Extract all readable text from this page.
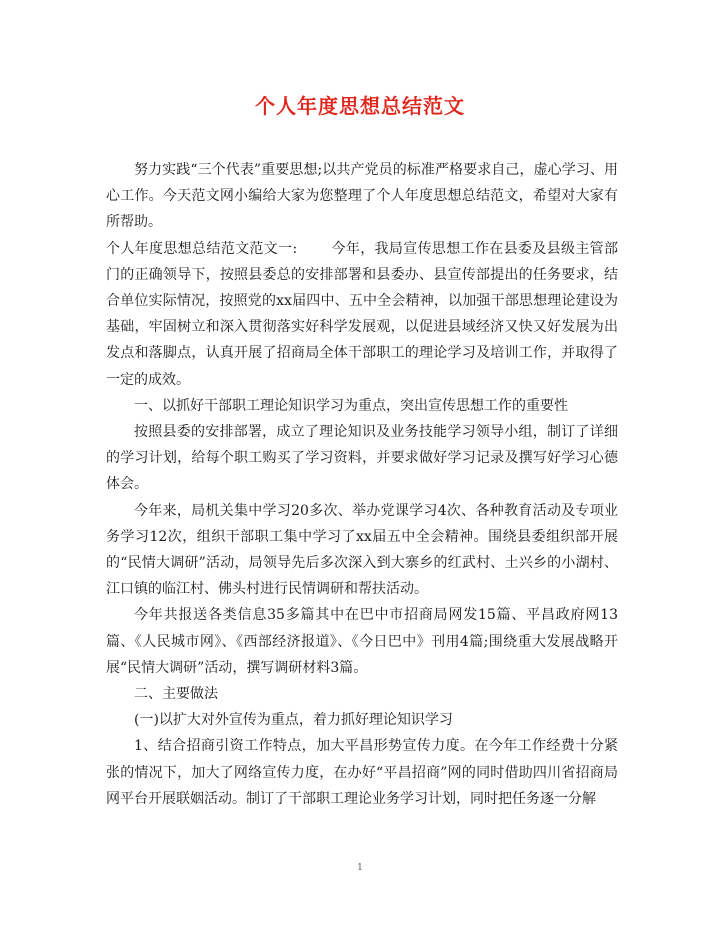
个人年度思想总结范文

努力实践“三个代表”重要思想;以共产党员的标准严格要求自己，虚心学习、用心工作。今天范文网小编给大家为您整理了个人年度思想总结范文，希望对大家有所帮助。

个人年度思想总结范文范文一: 今年，我局宣传思想工作在县委及县级主管部门的正确领导下，按照县委总的安排部署和县委办、县宣传部提出的任务要求，结合单位实际情况，按照党的xx届四中、五中全会精神，以加强干部思想理论建设为基础，牢固树立和深入贯彻落实好科学发展观，以促进县域经济又快又好发展为出发点和落脚点，认真开展了招商局全体干部职工的理论学习及培训工作，并取得了一定的成效。

一、以抓好干部职工理论知识学习为重点，突出宣传思想工作的重要性

按照县委的安排部署，成立了理论知识及业务技能学习领导小组，制订了详细的学习计划，给每个职工购买了学习资料，并要求做好学习记录及撰写好学习心德体会。

今年来，局机关集中学习20多次、举办党课学习4次、各种教育活动及专项业务学习12次，组织干部职工集中学习了xx届五中全会精神。围绕县委组织部开展的“民情大调研”活动，局领导先后多次深入到大寨乡的红武村、土兴乡的小湖村、江口镇的临江村、佛头村进行民情调研和帮扶活动。

今年共报送各类信息35多篇其中在巴中市招商局网发15篇、平昌政府网13篇、《人民城市网》、《西部经济报道》、《今日巴中》刊用4篇;围绕重大发展战略开展“民情大调研”活动，撰写调研材料3篇。

二、主要做法

(一)以扩大对外宣传为重点，着力抓好理论知识学习

1、结合招商引资工作特点，加大平昌形势宣传力度。在今年工作经费十分紧张的情况下，加大了网络宣传力度，在办好“平昌招商”网的同时借助四川省招商局网平台开展联姻活动。制订了干部职工理论业务学习计划，同时把任务逐一分解

1
